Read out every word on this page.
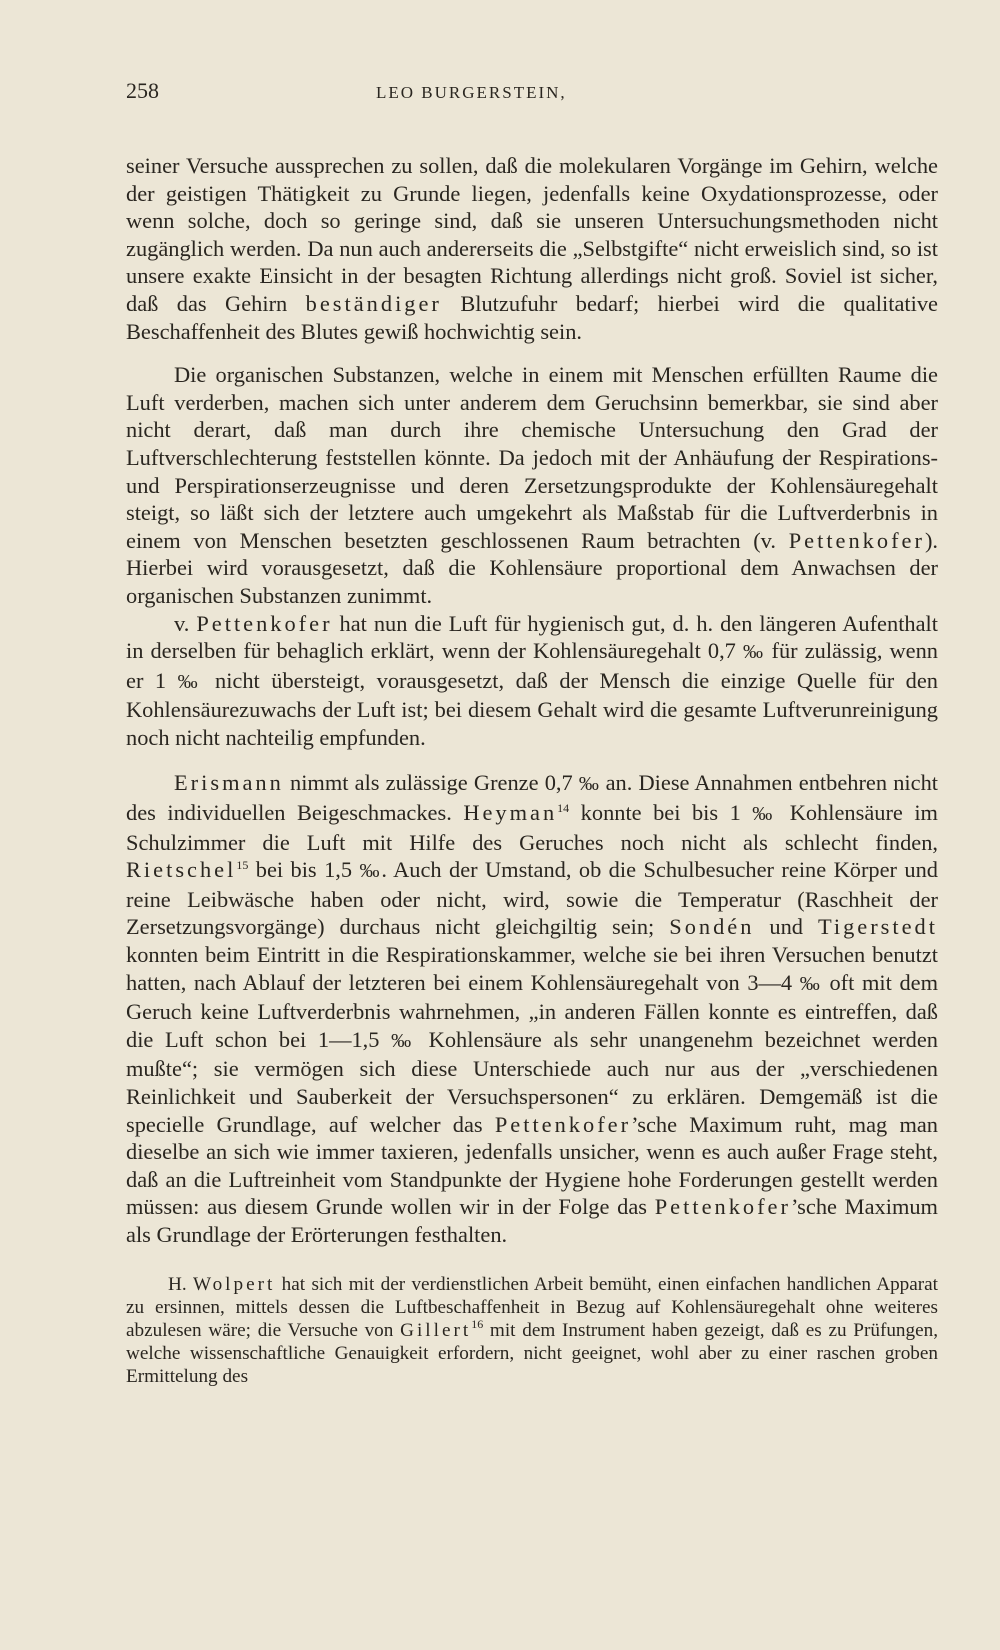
258	LEO BURGERSTEIN,

seiner Versuche aussprechen zu sollen, daß die molekularen Vorgänge im Gehirn, welche der geistigen Thätigkeit zu Grunde liegen, jedenfalls keine Oxydationsprozesse, oder wenn solche, doch so geringe sind, daß sie unseren Untersuchungsmethoden nicht zugänglich werden. Da nun auch andererseits die „Selbstgifte“ nicht erweislich sind, so ist unsere exakte Einsicht in der besagten Richtung allerdings nicht groß. Soviel ist sicher, daß das Gehirn beständiger Blutzufuhr bedarf; hierbei wird die qualitative Beschaffenheit des Blutes gewiß hochwichtig sein.

Die organischen Substanzen, welche in einem mit Menschen erfüllten Raume die Luft verderben, machen sich unter anderem dem Geruchsinn bemerkbar, sie sind aber nicht derart, daß man durch ihre chemische Untersuchung den Grad der Luftverschlechterung feststellen könnte. Da jedoch mit der Anhäufung der Respirations- und Perspirationserzeugnisse und deren Zersetzungsprodukte der Kohlensäuregehalt steigt, so läßt sich der letztere auch umgekehrt als Maßstab für die Luftverderbnis in einem von Menschen besetzten geschlossenen Raum betrachten (v. Pettenkofer). Hierbei wird vorausgesetzt, daß die Kohlensäure proportional dem Anwachsen der organischen Substanzen zunimmt.

v. Pettenkofer hat nun die Luft für hygienisch gut, d. h. den längeren Aufenthalt in derselben für behaglich erklärt, wenn der Kohlensäuregehalt 0,7 ‰ für zulässig, wenn er 1 ‰ nicht übersteigt, vorausgesetzt, daß der Mensch die einzige Quelle für den Kohlensäurezuwachs der Luft ist; bei diesem Gehalt wird die gesamte Luftverunreinigung noch nicht nachteilig empfunden.

Erismann nimmt als zulässige Grenze 0,7 ‰ an. Diese Annahmen entbehren nicht des individuellen Beigeschmackes. Heyman$^{14}$ konnte bei bis 1 ‰ Kohlensäure im Schulzimmer die Luft mit Hilfe des Geruches noch nicht als schlecht finden, Rietschel$^{15}$ bei bis 1,5 ‰. Auch der Umstand, ob die Schulbesucher reine Körper und reine Leibwäsche haben oder nicht, wird, sowie die Temperatur (Raschheit der Zersetzungsvorgänge) durchaus nicht gleichgiltig sein; Sondén und Tigerstedt konnten beim Eintritt in die Respirationskammer, welche sie bei ihren Versuchen benutzt hatten, nach Ablauf der letzteren bei einem Kohlensäuregehalt von 3—4 ‰ oft mit dem Geruch keine Luftverderbnis wahrnehmen, „in anderen Fällen konnte es eintreffen, daß die Luft schon bei 1—1,5 ‰ Kohlensäure als sehr unangenehm bezeichnet werden mußte“; sie vermögen sich diese Unterschiede auch nur aus der „verschiedenen Reinlichkeit und Sauberkeit der Versuchspersonen“ zu erklären. Demgemäß ist die specielle Grundlage, auf welcher das Pettenkofer’sche Maximum ruht, mag man dieselbe an sich wie immer taxieren, jedenfalls unsicher, wenn es auch außer Frage steht, daß an die Luftreinheit vom Standpunkte der Hygiene hohe Forderungen gestellt werden müssen: aus diesem Grunde wollen wir in der Folge das Pettenkofer’sche Maximum als Grundlage der Erörterungen festhalten.

H. Wolpert hat sich mit der verdienstlichen Arbeit bemüht, einen einfachen handlichen Apparat zu ersinnen, mittels dessen die Luftbeschaffenheit in Bezug auf Kohlensäuregehalt ohne weiteres abzulesen wäre; die Versuche von Gillert$^{16}$ mit dem Instrument haben gezeigt, daß es zu Prüfungen, welche wissenschaftliche Genauigkeit erfordern, nicht geeignet, wohl aber zu einer raschen groben Ermittelung des
